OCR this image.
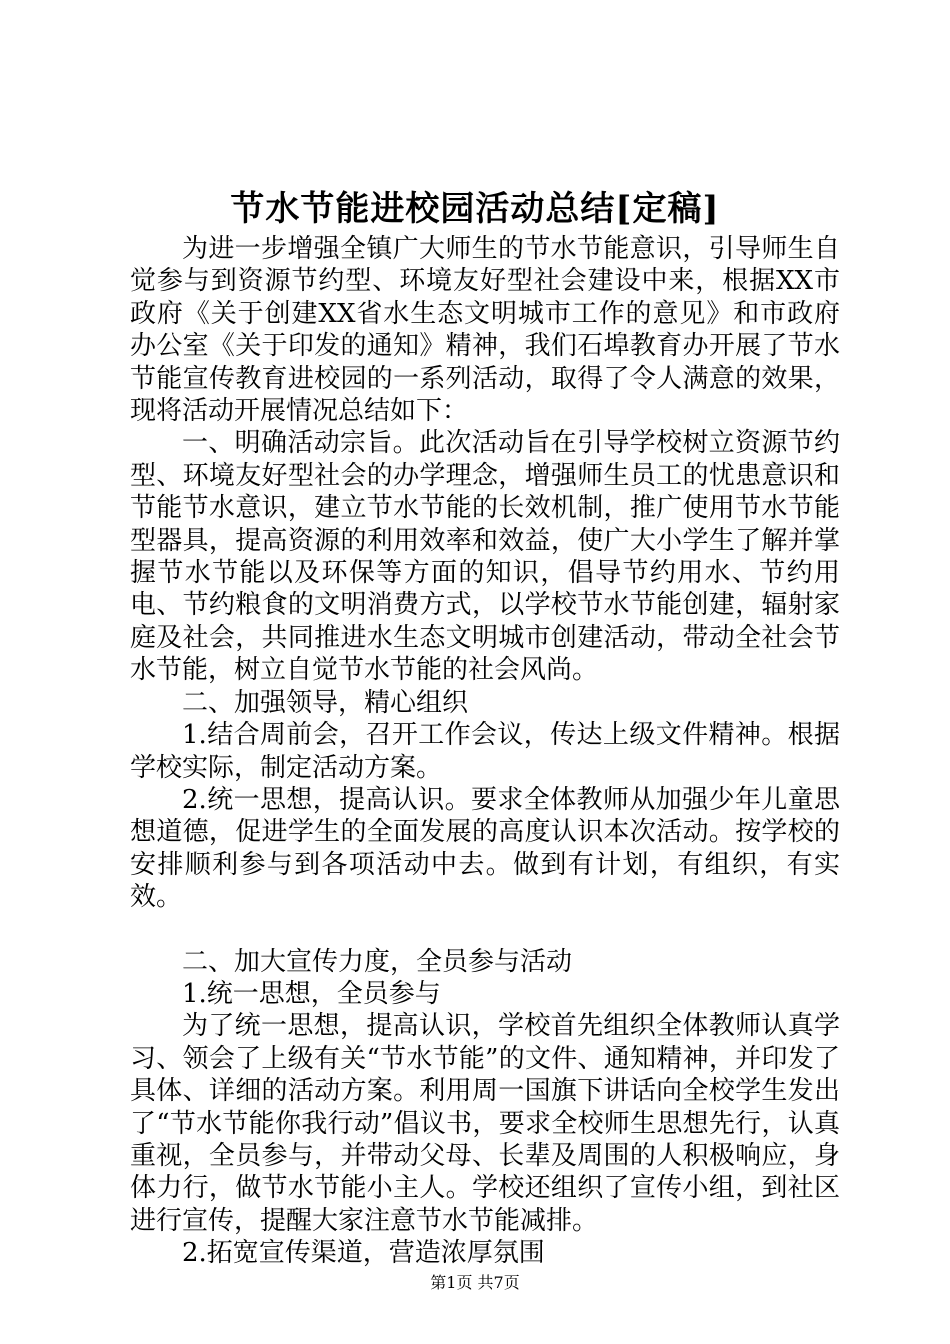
节水节能进校园活动总结[定稿]

为进一步增强全镇广大师生的节水节能意识，引导师生自觉参与到资源节约型、环境友好型社会建设中来，根据XX市政府《关于创建XX省水生态文明城市工作的意见》和市政府办公室《关于印发的通知》精神，我们石埠教育办开展了节水节能宣传教育进校园的一系列活动，取得了令人满意的效果，现将活动开展情况总结如下：

一、明确活动宗旨。此次活动旨在引导学校树立资源节约型、环境友好型社会的办学理念，增强师生员工的忧患意识和节能节水意识，建立节水节能的长效机制，推广使用节水节能型器具，提高资源的利用效率和效益，使广大小学生了解并掌握节水节能以及环保等方面的知识，倡导节约用水、节约用电、节约粮食的文明消费方式，以学校节水节能创建，辐射家庭及社会，共同推进水生态文明城市创建活动，带动全社会节水节能，树立自觉节水节能的社会风尚。

二、加强领导，精心组织

1.结合周前会，召开工作会议，传达上级文件精神。根据学校实际，制定活动方案。

2.统一思想，提高认识。要求全体教师从加强少年儿童思想道德，促进学生的全面发展的高度认识本次活动。按学校的安排顺利参与到各项活动中去。做到有计划，有组织，有实效。

二、加大宣传力度，全员参与活动

1.统一思想，全员参与

为了统一思想，提高认识，学校首先组织全体教师认真学习、领会了上级有关“节水节能”的文件、通知精神，并印发了具体、详细的活动方案。利用周一国旗下讲话向全校学生发出了“节水节能你我行动”倡议书，要求全校师生思想先行，认真重视，全员参与，并带动父母、长辈及周围的人积极响应，身体力行，做节水节能小主人。学校还组织了宣传小组，到社区进行宣传，提醒大家注意节水节能减排。

2.拓宽宣传渠道，营造浓厚氛围

第1页 共7页
